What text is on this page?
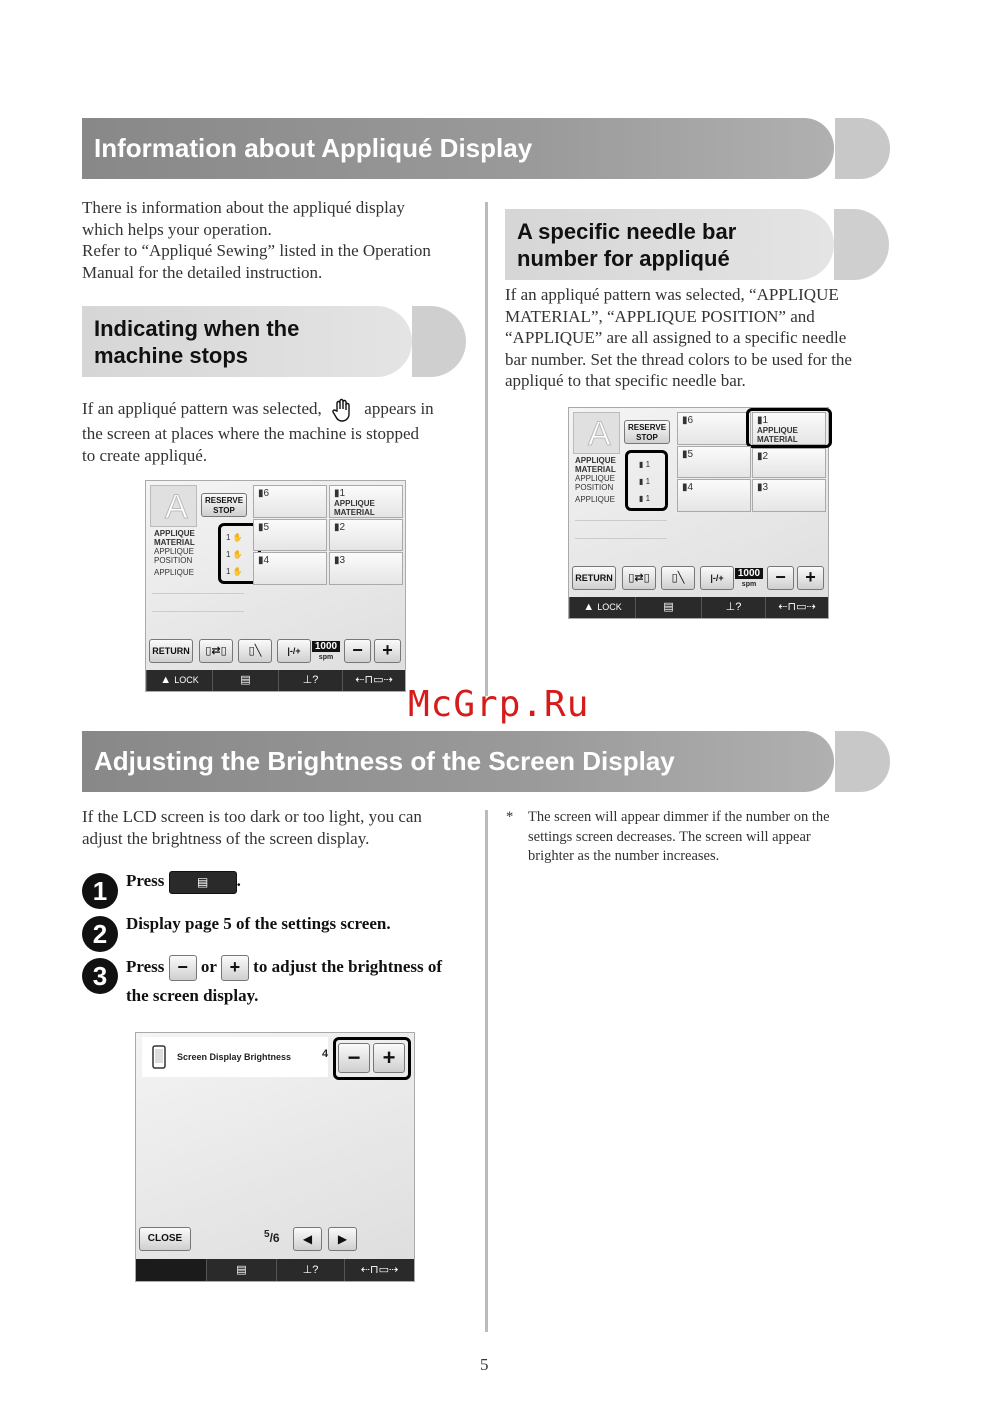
Information about Appliqué Display
There is information about the appliqué display
which helps your operation.
Refer to “Appliqué Sewing” listed in the Operation
Manual for the detailed instruction.
Indicating when the
machine stops
If an appliqué pattern was selected,	appears in
the screen at places where the machine is stopped
to create appliqué.
A	RESERVE
STOP
APPLIQUE
MATERIAL
APPLIQUE
POSITION
APPLIQUE
1 ✋
1 ✋
1 ✋
▮6	▮1
APPLIQUE
MATERIAL
▮5	▮2
▮4	▮3
RETURN	▯⇄▯	▯╲	|-/+	1000
spm	−	+
▲ LOCK	▤	⊥?	⇠⊓▭⇢
A specific needle bar
number for appliqué
If an appliqué pattern was selected, “APPLIQUE
MATERIAL”, “APPLIQUE POSITION” and
“APPLIQUE” are all assigned to a specific needle
bar number. Set the thread colors to be used for the
appliqué to that specific needle bar.
A	RESERVE
STOP
APPLIQUE
MATERIAL
APPLIQUE
POSITION
APPLIQUE
▮ 1
▮ 1
▮ 1
▮6	▮1
APPLIQUE
MATERIAL
▮5	▮2
▮4	▮3
RETURN	▯⇄▯	▯╲	|-/+	1000
spm	−	+
▲ LOCK	▤	⊥?	⇠⊓▭⇢
McGrp.Ru
Adjusting the Brightness of the Screen Display
If the LCD screen is too dark or too light, you can
adjust the brightness of the screen display.
* The screen will appear dimmer if the number on the
settings screen decreases. The screen will appear
brighter as the number increases.
1	Press	▤ .
2	Display page 5 of the settings screen.
3	Press − or + to adjust the brightness of
the screen display.
Screen Display Brightness	4 −	+
CLOSE	$^5$/6	◀	▶
▤	⊥?	⇠⊓▭⇢
5
